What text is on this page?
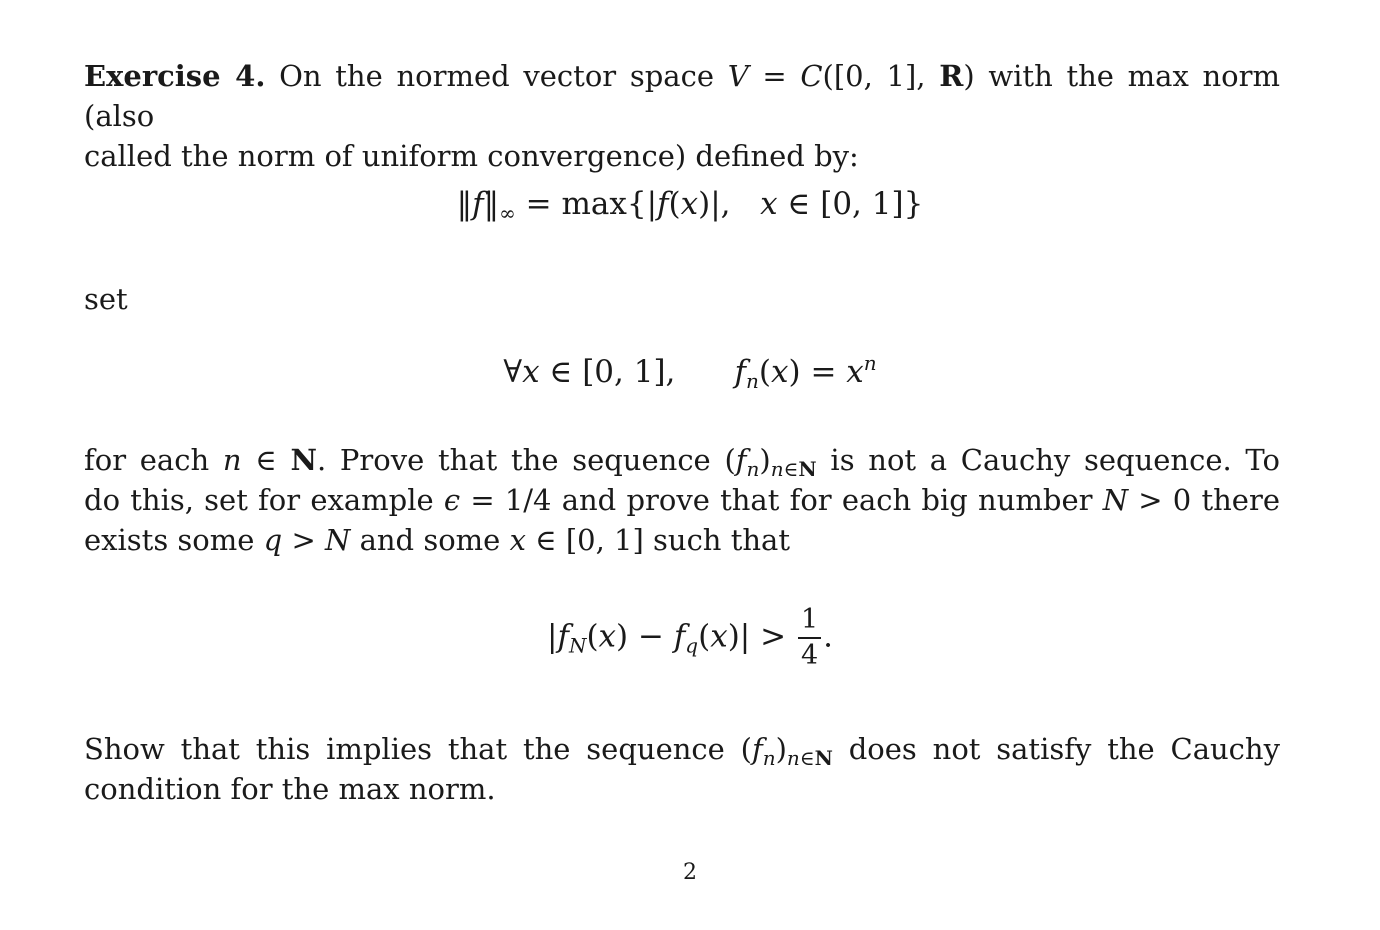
Exercise 4. On the normed vector space V = C([0, 1], R) with the max norm (also
called the norm of uniform convergence) defined by:
$‖f‖_\infty = \max\{|f(x)|$,   x ∈ [0, 1]}
set
∀x ∈ [0, 1],      $f_n(x) = x^n$
for each n ∈ N. Prove that the sequence $(f_n)_{n\in N}$ is not a Cauchy sequence. To
do this, set for example ϵ = 1/4 and prove that for each big number N > 0 there
exists some q > N and some x ∈ [0, 1] such that
$|f_N(x) - f_q(x)| > \frac{1}{4}$ .
Show that this implies that the sequence $(f_n)_{n\in N}$ does not satisfy the Cauchy
condition for the max norm.
2
